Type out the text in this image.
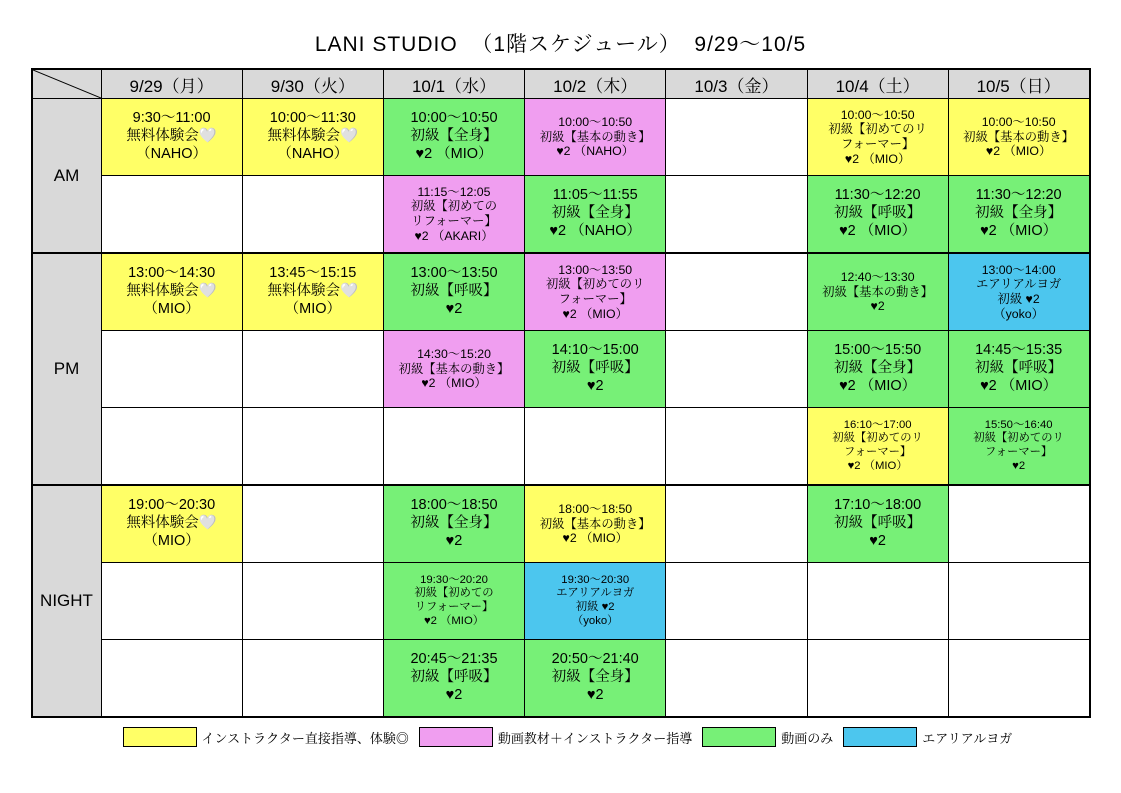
LANI STUDIO  （1階スケジュール）  9/29〜10/5
	9/29（月）	9/30（火）	10/1（水）	10/2（木）	10/3（金）	10/4（土）	10/5（日）
AM	9:30〜11:00
無料体験会🤍
（NAHO）	10:00〜11:30
無料体験会🤍
（NAHO）	10:00〜10:50
初級【全身】
♥2 （MIO）	10:00〜10:50
初級【基本の動き】
♥2 （NAHO）		10:00〜10:50
初級【初めてのリ
フォーマー】
♥2 （MIO）	10:00〜10:50
初級【基本の動き】
♥2 （MIO）

			11:15〜12:05
初級【初めての
リフォーマー】
♥2 （AKARI）	11:05〜11:55
初級【全身】
♥2 （NAHO）		11:30〜12:20
初級【呼吸】
♥2 （MIO）	11:30〜12:20
初級【全身】
♥2 （MIO）

PM	13:00〜14:30
無料体験会🤍
（MIO）	13:45〜15:15
無料体験会🤍
（MIO）	13:00〜13:50
初級【呼吸】
♥2	13:00〜13:50
初級【初めてのリ
フォーマー】
♥2 （MIO）		12:40〜13:30
初級【基本の動き】
♥2	13:00〜14:00
エアリアルヨガ
初級 ♥2
（yoko）

			14:30〜15:20
初級【基本の動き】
♥2 （MIO）	14:10〜15:00
初級【呼吸】
♥2		15:00〜15:50
初級【全身】
♥2 （MIO）	14:45〜15:35
初級【呼吸】
♥2 （MIO）

						16:10〜17:00
初級【初めてのリ
フォーマー】
♥2 （MIO）	15:50〜16:40
初級【初めてのリ
フォーマー】
♥2

NIGHT	19:00〜20:30
無料体験会🤍
（MIO）		18:00〜18:50
初級【全身】
♥2	18:00〜18:50
初級【基本の動き】
♥2 （MIO）		17:10〜18:00
初級【呼吸】
♥2	

			19:30〜20:20
初級【初めての
リフォーマー】
♥2 （MIO）	19:30〜20:30
エアリアルヨガ
初級 ♥2
（yoko）			

			20:45〜21:35
初級【呼吸】
♥2	20:50〜21:40
初級【全身】
♥2			

インストラクター直接指導、体験◎	動画教材＋インストラクター指導	動画のみ	エアリアルヨガ
